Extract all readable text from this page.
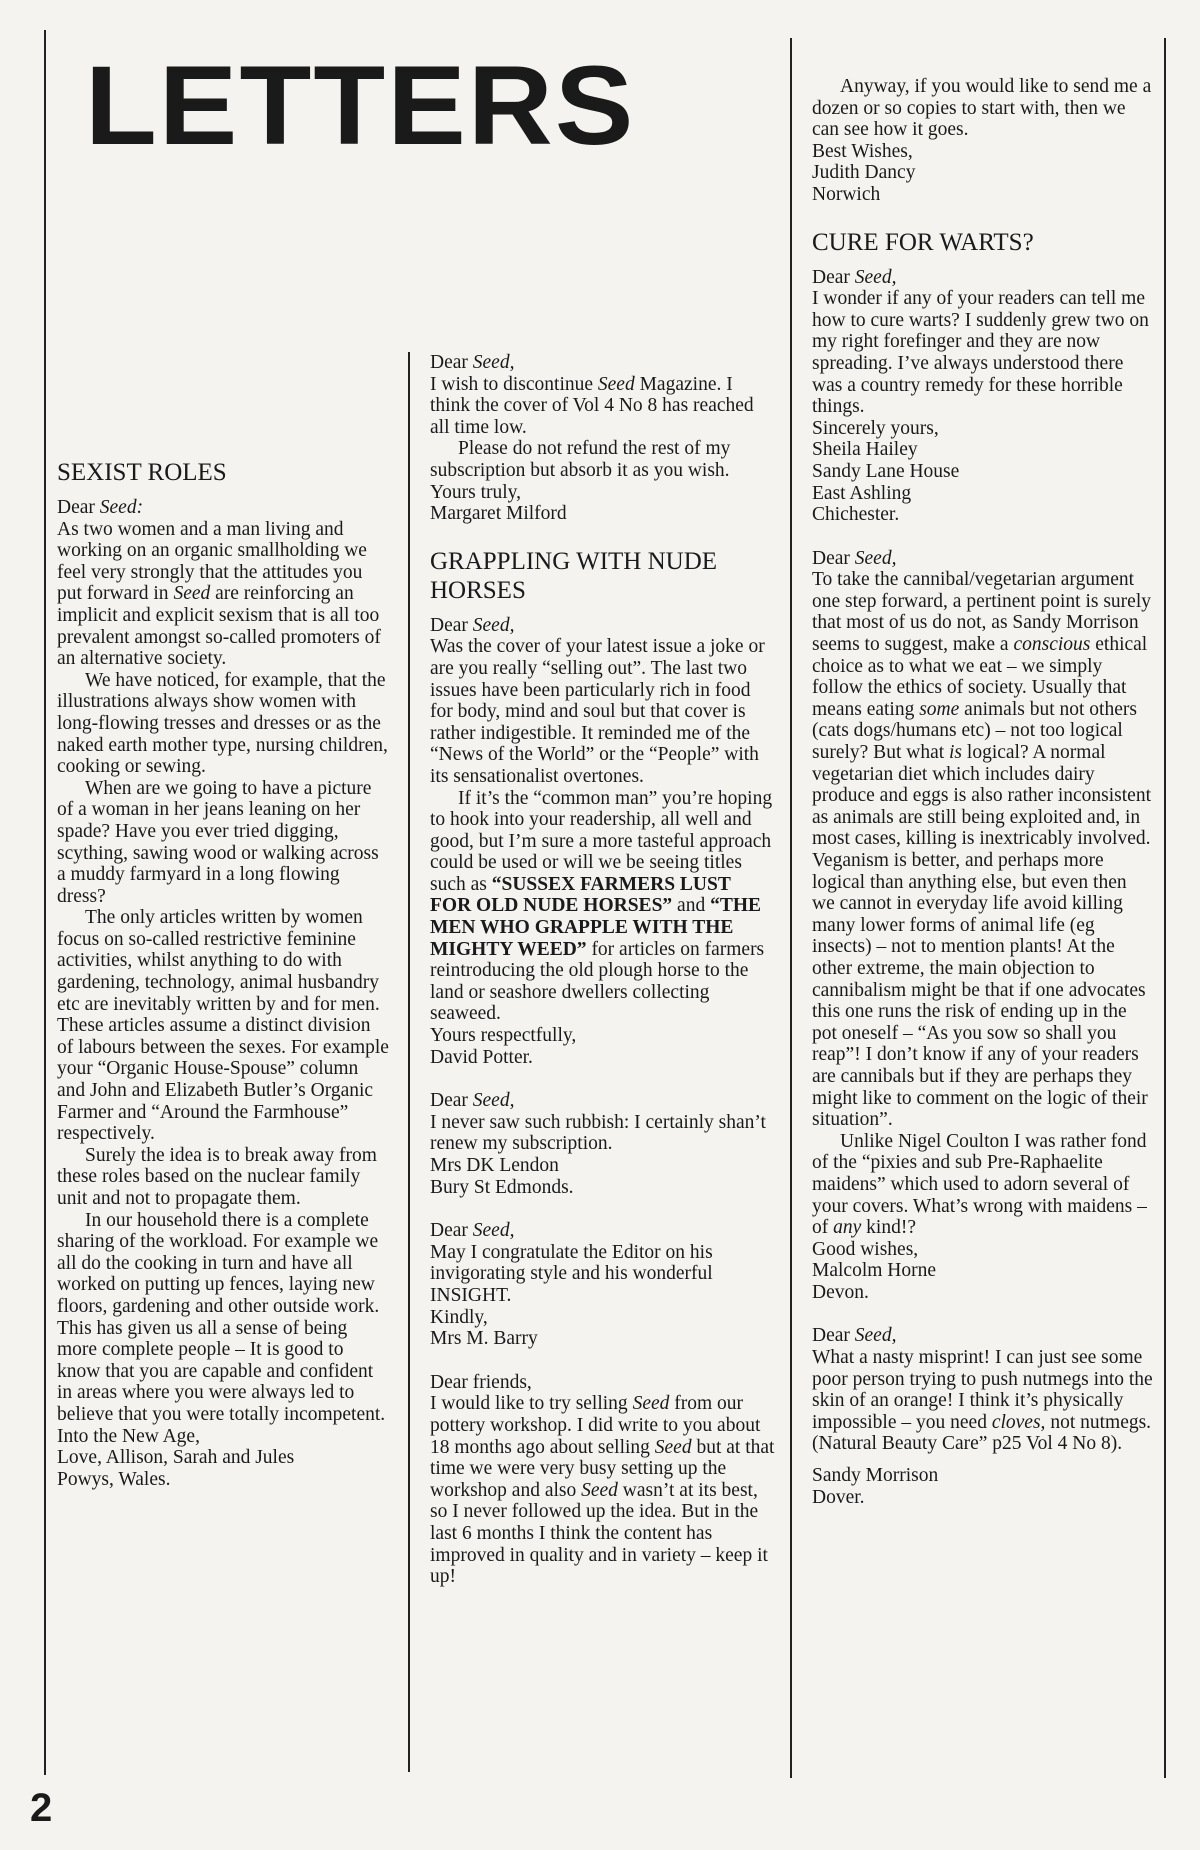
LETTERS
SEXIST ROLES

Dear Seed:

As two women and a man living and working on an organic smallholding we feel very strongly that the attitudes you put forward in Seed are reinforcing an implicit and explicit sexism that is all too prevalent amongst so-called promoters of an alternative society.

We have noticed, for example, that the illustrations always show women with long-flowing tresses and dresses or as the naked earth mother type, nursing children, cooking or sewing.

When are we going to have a picture of a woman in her jeans leaning on her spade? Have you ever tried digging, scything, sawing wood or walking across a muddy farmyard in a long flowing dress?

The only articles written by women focus on so-called restrictive feminine activities, whilst anything to do with gardening, technology, animal husbandry etc are inevitably written by and for men. These articles assume a distinct division of labours between the sexes. For example your “Organic House-Spouse” column and John and Elizabeth Butler’s Organic Farmer and “Around the Farmhouse” respectively.

Surely the idea is to break away from these roles based on the nuclear family unit and not to propagate them.

In our household there is a complete sharing of the workload. For example we all do the cooking in turn and have all worked on putting up fences, laying new floors, gardening and other outside work. This has given us all a sense of being more complete people – It is good to know that you are capable and confident in areas where you were always led to believe that you were totally incompetent.

Into the New Age,

Love, Allison, Sarah and Jules

Powys, Wales.

Dear Seed,

I wish to discontinue Seed Magazine. I think the cover of Vol 4 No 8 has reached all time low.

Please do not refund the rest of my subscription but absorb it as you wish.

Yours truly,

Margaret Milford

GRAPPLING WITH NUDE HORSES

Dear Seed,

Was the cover of your latest issue a joke or are you really “selling out”. The last two issues have been particularly rich in food for body, mind and soul but that cover is rather indigestible. It reminded me of the “News of the World” or the “People” with its sensationalist overtones.

If it’s the “common man” you’re hoping to hook into your readership, all well and good, but I’m sure a more tasteful approach could be used or will we be seeing titles such as “SUSSEX FARMERS LUST FOR OLD NUDE HORSES” and “THE MEN WHO GRAPPLE WITH THE MIGHTY WEED” for articles on farmers reintroducing the old plough horse to the land or seashore dwellers collecting seaweed.

Yours respectfully,

David Potter.

Dear Seed,

I never saw such rubbish: I certainly shan’t renew my subscription.

Mrs DK Lendon

Bury St Edmonds.

Dear Seed,

May I congratulate the Editor on his invigorating style and his wonderful INSIGHT.

Kindly,

Mrs M. Barry

Dear friends,

I would like to try selling Seed from our pottery workshop. I did write to you about 18 months ago about selling Seed but at that time we were very busy setting up the workshop and also Seed wasn’t at its best, so I never followed up the idea. But in the last 6 months I think the content has improved in quality and in variety – keep it up!

Anyway, if you would like to send me a dozen or so copies to start with, then we can see how it goes.

Best Wishes,

Judith Dancy

Norwich

CURE FOR WARTS?

Dear Seed,

I wonder if any of your readers can tell me how to cure warts? I suddenly grew two on my right forefinger and they are now spreading. I’ve always understood there was a country remedy for these horrible things.

Sincerely yours,

Sheila Hailey

Sandy Lane House

East Ashling

Chichester.

Dear Seed,

To take the cannibal/vegetarian argument one step forward, a pertinent point is surely that most of us do not, as Sandy Morrison seems to suggest, make a conscious ethical choice as to what we eat – we simply follow the ethics of society. Usually that means eating some animals but not others (cats dogs/humans etc) – not too logical surely? But what is logical? A normal vegetarian diet which includes dairy produce and eggs is also rather inconsistent as animals are still being exploited and, in most cases, killing is inextricably involved. Veganism is better, and perhaps more logical than anything else, but even then we cannot in everyday life avoid killing many lower forms of animal life (eg insects) – not to mention plants! At the other extreme, the main objection to cannibalism might be that if one advocates this one runs the risk of ending up in the pot oneself – “As you sow so shall you reap”! I don’t know if any of your readers are cannibals but if they are perhaps they might like to comment on the logic of their situation”.

Unlike Nigel Coulton I was rather fond of the “pixies and sub Pre-Raphaelite maidens” which used to adorn several of your covers. What’s wrong with maidens – of any kind!?

Good wishes,

Malcolm Horne

Devon.

Dear Seed,

What a nasty misprint! I can just see some poor person trying to push nutmegs into the skin of an orange! I think it’s physically impossible – you need cloves, not nutmegs. (Natural Beauty Care” p25 Vol 4 No 8).

Sandy Morrison

Dover.

2
